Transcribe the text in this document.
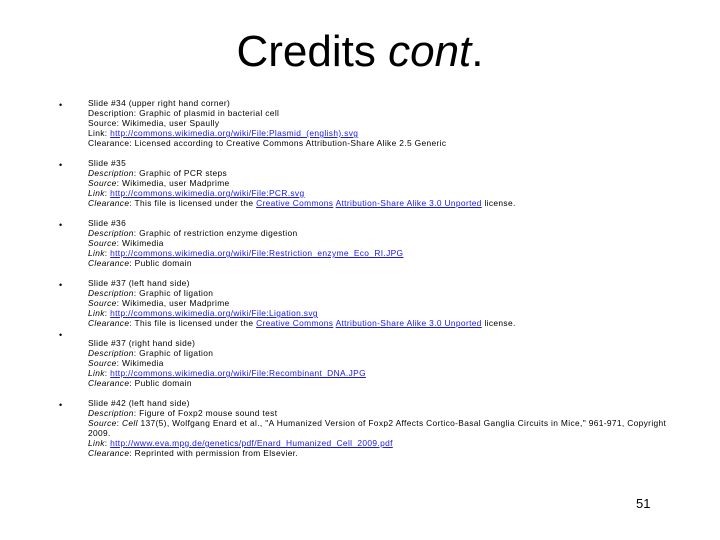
Credits cont.
•	Slide #34 (upper right hand corner)
Description: Graphic of plasmid in bacterial cell
Source: Wikimedia, user Spaully
Link: http://commons.wikimedia.org/wiki/File:Plasmid_(english).svg
Clearance: Licensed according to Creative Commons Attribution-Share Alike 2.5 Generic
•	Slide #35
Description: Graphic of PCR steps
Source: Wikimedia, user Madprime
Link: http://commons.wikimedia.org/wiki/File:PCR.svg
Clearance: This file is licensed under the Creative Commons Attribution-Share Alike 3.0 Unported license.
•	Slide #36
Description: Graphic of restriction enzyme digestion
Source: Wikimedia
Link: http://commons.wikimedia.org/wiki/File:Restriction_enzyme_Eco_RI.JPG
Clearance: Public domain
•	Slide #37 (left hand side)
Description: Graphic of ligation
Source: Wikimedia, user Madprime
Link: http://commons.wikimedia.org/wiki/File:Ligation.svg
Clearance: This file is licensed under the Creative Commons Attribution-Share Alike 3.0 Unported license.
•
Slide #37 (right hand side)
Description: Graphic of ligation
Source: Wikimedia
Link: http://commons.wikimedia.org/wiki/File:Recombinant_DNA.JPG
Clearance: Public domain
•	Slide #42 (left hand side)
Description: Figure of Foxp2 mouse sound test
Source: Cell 137(5), Wolfgang Enard et al., "A Humanized Version of Foxp2 Affects Cortico-Basal Ganglia Circuits in Mice," 961-971, Copyright 2009.
Link: http://www.eva.mpg.de/genetics/pdf/Enard_Humanized_Cell_2009.pdf
Clearance: Reprinted with permission from Elsevier.
51
